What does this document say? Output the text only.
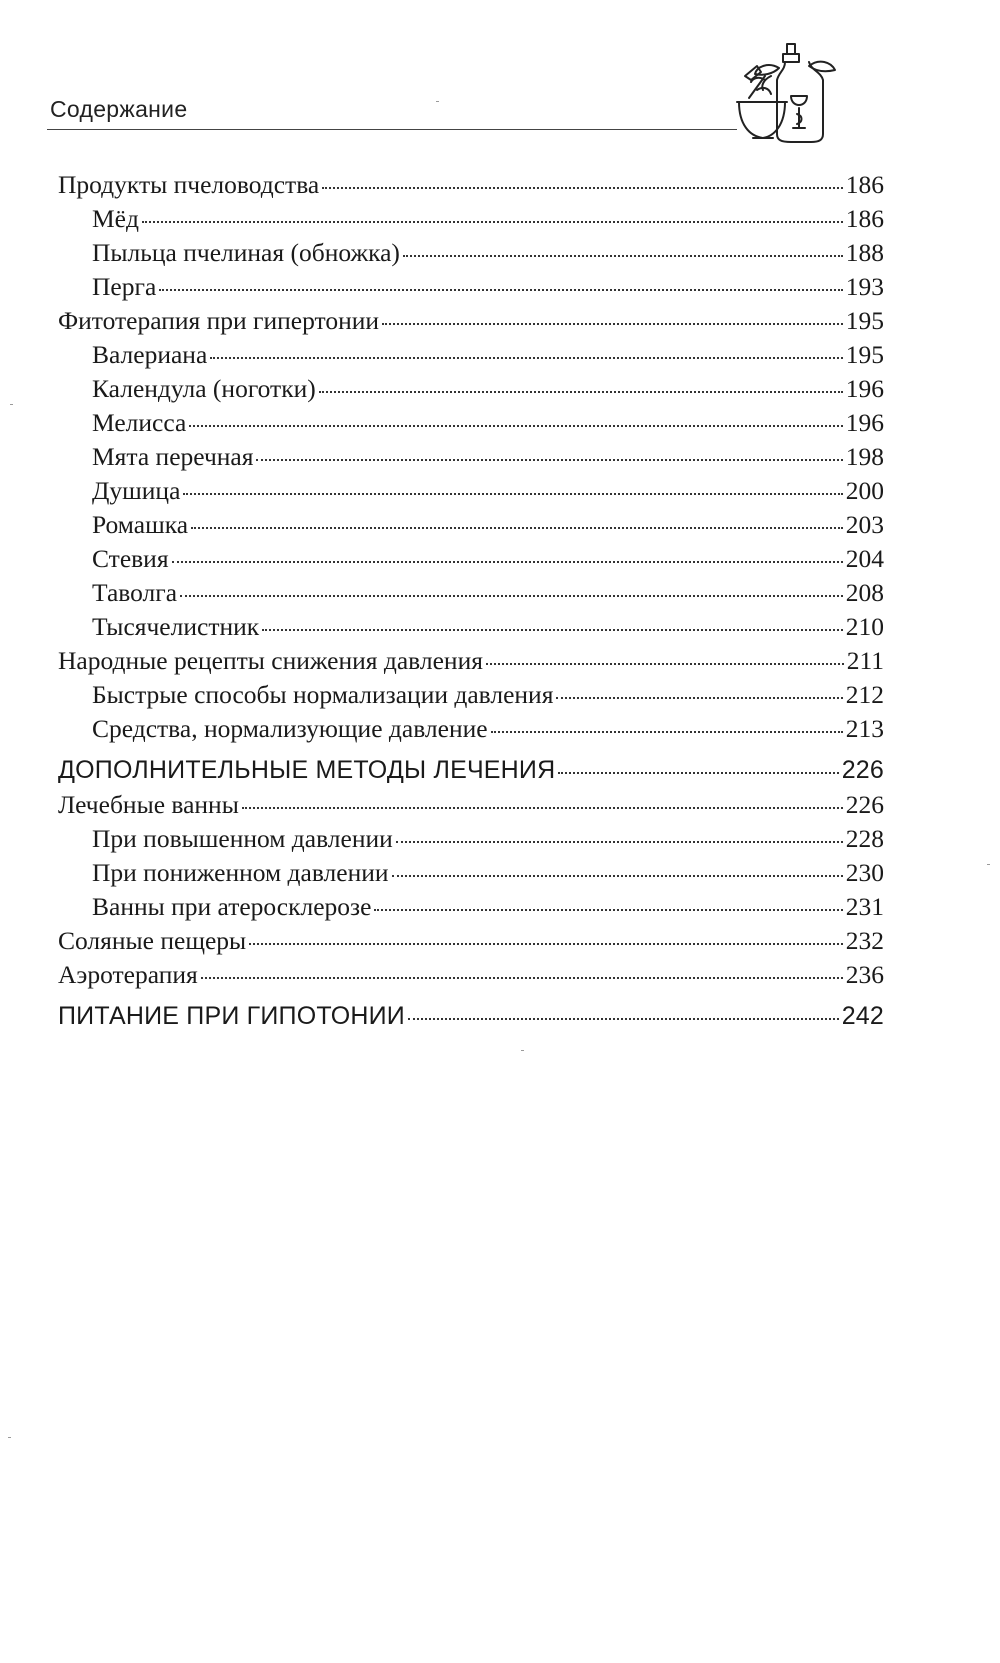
Содержание
Продукты пчеловодства	186
Мёд	186
Пыльца пчелиная (обножка)	188
Перга	193
Фитотерапия при гипертонии	195
Валериана	195
Календула (ноготки)	196
Мелисса	196
Мята перечная	198
Душица	200
Ромашка	203
Стевия	204
Таволга	208
Тысячелистник	210
Народные рецепты снижения давления	211
Быстрые способы нормализации давления	212
Средства, нормализующие давление	213
ДОПОЛНИТЕЛЬНЫЕ МЕТОДЫ ЛЕЧЕНИЯ	226
Лечебные ванны	226
При повышенном давлении	228
При пониженном давлении	230
Ванны при атеросклерозе	231
Соляные пещеры	232
Аэротерапия	236
ПИТАНИЕ ПРИ ГИПОТОНИИ	242
